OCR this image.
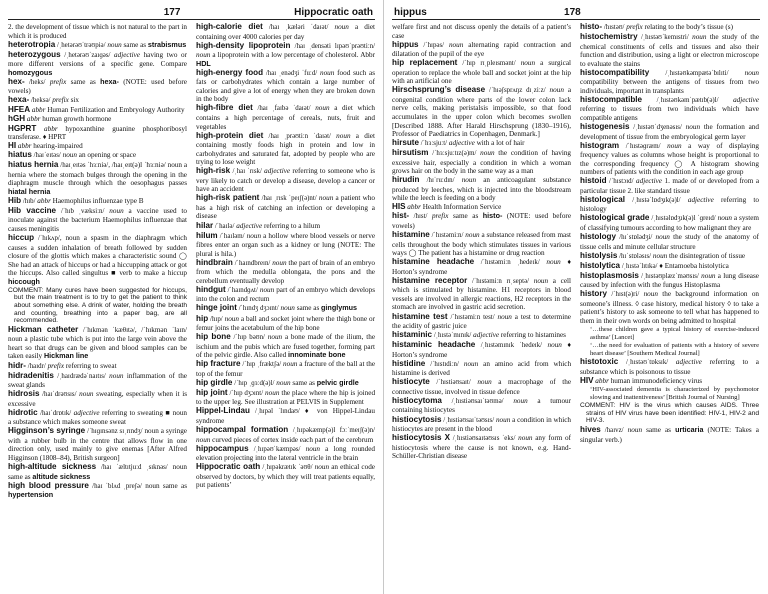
177	Hippocratic oath
2. the development of tissue which is not natural to the part in which it is produced
heterotropia /ˌhetərəʊˈtrəʊpiə/ noun same as strabismus
heterozygous /ˌhetərəʊˈzaɪɡəs/ adjective having two or more different versions of a specific gene. Compare homozygous
hex- /heks/ prefix same as hexa- (NOTE: used before vowels)
hexa- /heksə/ prefix six
HFEA abbr Human Fertilization and Embryology Authority
hGH abbr human growth hormone
HGPRT abbr hypoxanthine guanine phosphoribosyl transferase. ♦ HPRT
HI abbr hearing-impaired
hiatus /haɪˈeɪtəs/ noun an opening or space
hiatus hernia /haɪˌeɪtəs ˈhɜːniə/, /haɪˌeɪt(ə)l ˈhɜːniə/ noun a hernia where the stomach bulges through the opening in the diaphragm muscle through which the oesophagus passes hiatal hernia
Hib /hɪb/ abbr Haemophilus influenzae type B
Hib vaccine /ˈhɪb ˌvæksiːn/ noun a vaccine used to inoculate against the bacterium Haemophilus influenzae that causes meningitis
hiccup /ˈhɪkʌp/, noun a spasm in the diaphragm which causes a sudden inhalation of breath followed by sudden closure of the glottis which makes a characteristic sound ◯ She had an attack of hiccups or had a hiccupping attack or got the hiccups. Also called singultus ■ verb to make a hiccup hiccough
COMMENT: Many cures have been suggested for hiccups, but the main treatment is to try to get the patient to think about something else. A drink of water, holding the breath and counting, breathing into a paper bag, are all recommended.
Hickman catheter /ˈhɪkmən ˈkæθɪtə/, /ˈhɪkmən ˈlaɪn/ noun a plastic tube which is put into the large vein above the heart so that drugs can be given and blood samples can be taken easily Hickman line
hidr- /haɪdr/ prefix referring to sweat
hidradenitis /ˌhaɪdrædəˈnaɪtɪs/ noun inflammation of the sweat glands
hidrosis /haɪˈdrəʊsɪs/ noun sweating, especially when it is excessive
hidrotic /haɪˈdrɒtɪk/ adjective referring to sweating ■ noun a substance which makes someone sweat
Higginson’s syringe /ˈhɪɡɪnsənz sɪˌrɪndʒ/ noun a syringe with a rubber bulb in the centre that allows flow in one direction only, used mainly to give enemas [After Alfred Higginson (1808–84), British surgeon]
high-altitude sickness /haɪ ˈæltɪtjuːd ˌsɪknəs/ noun same as altitude sickness
high blood pressure /haɪ ˈblʌd ˌpreʃə/ noun same as hypertension
high-calorie diet /haɪ ˌkæləri ˈdaɪət/ noun a diet containing over 4000 calories per day
high-density lipoprotein /haɪ ˌdensəti lɪpəʊˈprəʊtiːn/ noun a lipoprotein with a low percentage of cholesterol. Abbr HDL
high-energy food /haɪ ˌenədʒi ˈfuːd/ noun food such as fats or carbohydrates which contain a large number of calories and give a lot of energy when they are broken down in the body
high-fibre diet /haɪ ˌfaɪbə ˈdaɪət/ noun a diet which contains a high percentage of cereals, nuts, fruit and vegetables
high-protein diet /haɪ ˌprəʊtiːn ˈdaɪət/ noun a diet containing mostly foods high in protein and low in carbohydrates and saturated fat, adopted by people who are trying to lose weight
high-risk /ˌhaɪ ˈrɪsk/ adjective referring to someone who is very likely to catch or develop a disease, develop a cancer or have an accident
high-risk patient /haɪ ˌrɪsk ˈpeɪʃ(ə)nt/ noun a patient who has a high risk of catching an infection or developing a disease
hilar /ˈhaɪlə/ adjective referring to a hilum
hilum /ˈhaɪləm/ noun a hollow where blood vessels or nerve fibres enter an organ such as a kidney or lung (NOTE: The plural is hila.)
hindbrain /ˈhaɪndbreɪn/ noun the part of brain of an embryo from which the medulla oblongata, the pons and the cerebellum eventually develop
hindgut /ˈhaɪndɡʌt/ noun part of an embryo which develops into the colon and rectum
hinge joint /ˈhɪndʒ dʒɔɪnt/ noun same as ginglymus
hip /hɪp/ noun a ball and socket joint where the thigh bone or femur joins the acetabulum of the hip bone
hip bone /ˈhɪp bəʊn/ noun a bone made of the ilium, the ischium and the pubis which are fused together, forming part of the pelvic girdle. Also called innominate bone
hip fracture /ˈhɪp ˌfræktʃə/ noun a fracture of the ball at the top of the femur
hip girdle /ˈhɪp ˌɡɜːd(ə)l/ noun same as pelvic girdle
hip joint /ˈhɪp dʒɔɪnt/ noun the place where the hip is joined to the upper leg. See illustration at PELVIS in Supplement
Hippel-Lindau /ˌhɪpəl ˈlɪndaʊ/ ♦ von Hippel-Lindau syndrome
hippocampal formation /ˌhɪpəkæmp(ə)l fɔːˈmeɪʃ(ə)n/ noun curved pieces of cortex inside each part of the cerebrum
hippocampus /ˌhɪpəʊˈkæmpəs/ noun a long rounded elevation projecting into the lateral ventricle in the brain
Hippocratic oath /ˌhɪpəkrætɪk ˈəʊθ/ noun an ethical code observed by doctors, by which they will treat patients equally, put patients’
hippus	178
welfare first and not discuss openly the details of a patient’s case
hippus /ˈhɪpəs/ noun alternating rapid contraction and dilatation of the pupil of the eye
hip replacement /ˈhɪp rɪˌpleɪsmənt/ noun a surgical operation to replace the whole ball and socket joint at the hip with an artificial one
Hirschsprung’s disease /ˈhɪəʃsprʌŋz dɪˌziːz/ noun a congenital condition where parts of the lower colon lack nerve cells, making peristalsis impossible, so that food accumulates in the upper colon which becomes swollen [Described 1888. After Harald Hirschsprung (1830–1916), Professor of Paediatrics in Copenhagen, Denmark.]
hirsute /ˈhɜːsjuːt/ adjective with a lot of hair
hirsutism /ˈhɜːsjuːtɪz(ə)m/ noun the condition of having excessive hair, especially a condition in which a woman grows hair on the body in the same way as a man
hirudin /hɪˈruːdɪn/ noun an anticoagulant substance produced by leeches, which is injected into the bloodstream while the leech is feeding on a body
HIS abbr Health Information Service
hist- /hɪst/ prefix same as histo- (NOTE: used before vowels)
histamine /ˈhɪstəmiːn/ noun a substance released from mast cells throughout the body which stimulates tissues in various ways ◯ The patient has a histamine or drug reaction
histamine headache /ˈhɪstəmiːn ˌhedeɪk/ noun ♦ Horton’s syndrome
histamine receptor /ˈhɪstəmiːn rɪˌseptə/ noun a cell which is stimulated by histamine. H1 receptors in blood vessels are involved in allergic reactions, H2 receptors in the stomach are involved in gastric acid secretion.
histamine test /ˈhɪstəmiːn test/ noun a test to determine the acidity of gastric juice
histaminic /ˌhɪstəˈmɪnɪk/ adjective referring to histamines
histaminic headache /ˌhɪstəmɪnɪk ˈhedeɪk/ noun ♦ Horton’s syndrome
histidine /ˈhɪstɪdiːn/ noun an amino acid from which histamine is derived
histiocyte /ˈhɪstiəʊsaɪt/ noun a macrophage of the connective tissue, involved in tissue defence
histiocytoma /ˌhɪstiəʊsaɪˈtəʊmə/ noun a tumour containing histiocytes
histiocytosis /ˌhɪstiəʊsaɪˈtəʊsɪs/ noun a condition in which histiocytes are present in the blood
histiocytosis X /ˌhɪstiəʊsaɪtəʊsɪs ˈeks/ noun any form of histiocytosis where the cause is not known, e.g. Hand-Schüller-Christian disease
histo- /hɪstəʊ/ prefix relating to the body’s tissue (s)
histochemistry /ˌhɪstəʊˈkemɪstri/ noun the study of the chemical constituents of cells and tissues and also their function and distribution, using a light or electron microscope to evaluate the stains
histocompatibility /ˌhɪstəʊkəmpætəˈbɪlɪti/ noun compatibility between the antigens of tissues from two individuals, important in transplants
histocompatible /ˌhɪstəʊkəmˈpætɪb(ə)l/ adjective referring to tissues from two individuals which have compatible antigens
histogenesis /ˌhɪstəʊˈdʒenəsɪs/ noun the formation and development of tissue from the embryological germ layer
histogram /ˈhɪstəɡræm/ noun a way of displaying frequency values as columns whose height is proportional to the corresponding frequency ◯ A histogram showing numbers of patients with the condition in each age group
histoid /ˈhɪstɔɪd/ adjective 1. made of or developed from a particular tissue 2. like standard tissue
histological /ˌhɪstəˈlɒdʒɪk(ə)l/ adjective referring to histology
histological grade /ˌhɪstəlɒdʒɪk(ə)l ˈɡreɪd/ noun a system of classifying tumours according to how malignant they are
histology /hɪˈstɒlədʒi/ noun the study of the anatomy of tissue cells and minute cellular structure
histolysis /hɪˈstɒləsɪs/ noun the disintegration of tissue
histolytica /ˌhɪstəˈlɪtɪkə/ ♦ Entamoeba histolytica
histoplasmosis /ˌhɪstəʊplæzˈməʊsɪs/ noun a lung disease caused by infection with the fungus Histoplasma
history /ˈhɪst(ə)ri/ noun the background information on someone’s illness. ◊ case history, medical history ◊ to take a patient’s history to ask someone to tell what has happened to them in their own words on being admitted to hospital
‘…these children gave a typical history of exercise-induced asthma’ [Lancet]
‘…the need for evaluation of patients with a history of severe heart disease’ [Southern Medical Journal]
histotoxic /ˌhɪstəʊˈtɒksɪk/ adjective referring to a substance which is poisonous to tissue
HIV abbr human immunodeficiency virus
‘HIV-associated dementia is characterized by psychomotor slowing and inattentiveness’ [British Journal of Nursing]
COMMENT: HIV is the virus which causes AIDS. Three strains of HIV virus have been identified: HIV-1, HIV-2 and HIV-3.
hives /haɪvz/ noun same as urticaria (NOTE: Takes a singular verb.)
